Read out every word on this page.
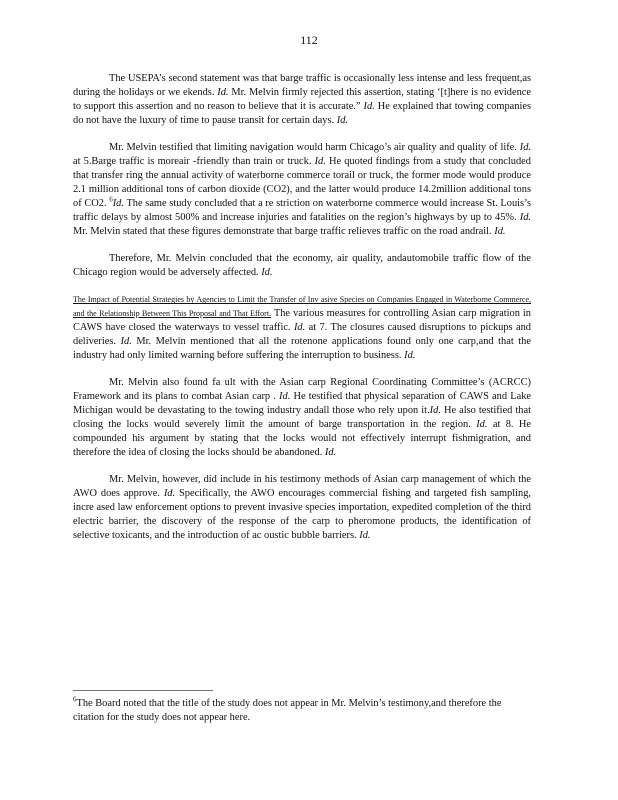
112

The USEPA’s second statement was that barge traffic is occasionally less intense and less frequent,as during the holidays or we ekends. Id. Mr. Melvin firmly rejected this assertion, stating ‘[t]here is no evidence to support this assertion and no reason to believe that it is accurate.” Id. He explained that towing companies do not have the luxury of time to pause transit for certain days. Id.

Mr. Melvin testified that limiting navigation would harm Chicago’s air quality and quality of life. Id. at 5.Barge traffic is moreair -friendly than train or truck. Id. He quoted findings from a study that concluded that transfer ring the annual activity of waterborne commerce torail or truck, the former mode would produce 2.1 million additional tons of carbon dioxide (CO2), and the latter would produce 14.2million additional tons of CO2. $^6$Id. The same study concluded that a re striction on waterborne commerce would increase St. Louis’s traffic delays by almost 500% and increase injuries and fatalities on the region’s highways by up to 45%. Id. Mr. Melvin stated that these figures demonstrate that barge traffic relieves traffic on the road andrail. Id.

Therefore, Mr. Melvin concluded that the economy, air quality, andautomobile traffic flow of the Chicago region would be adversely affected. Id.

The Impact of Potential Strategies by Agencies to Limit the Transfer of Inv asive Species on Companies Engaged in Waterborne Commerce, and the Relationship Between This Proposal and That Effort. The various measures for controlling Asian carp migration in CAWS have closed the waterways to vessel traffic. Id. at 7. The closures caused disruptions to pickups and deliveries. Id. Mr. Melvin mentioned that all the rotenone applications found only one carp,and that the industry had only limited warning before suffering the interruption to business. Id.

Mr. Melvin also found fa ult with the Asian carp Regional Coordinating Committee’s (ACRCC) Framework and its plans to combat Asian carp . Id. He testified that physical separation of CAWS and Lake Michigan would be devastating to the towing industry andall those who rely upon it.Id. He also testified that closing the locks would severely limit the amount of barge transportation in the region. Id. at 8. He compounded his argument by stating that the locks would not effectively interrupt fishmigration, and therefore the idea of closing the locks should be abandoned. Id.

Mr. Melvin, however, did include in his testimony methods of Asian carp management of which the AWO does approve. Id. Specifically, the AWO encourages commercial fishing and targeted fish sampling, incre ased law enforcement options to prevent invasive species importation, expedited completion of the third electric barrier, the discovery of the response of the carp to pheromone products, the identification of selective toxicants, and the introduction of ac oustic bubble barriers. Id.

$^6$The Board noted that the title of the study does not appear in Mr. Melvin’s testimony,and therefore the citation for the study does not appear here.
